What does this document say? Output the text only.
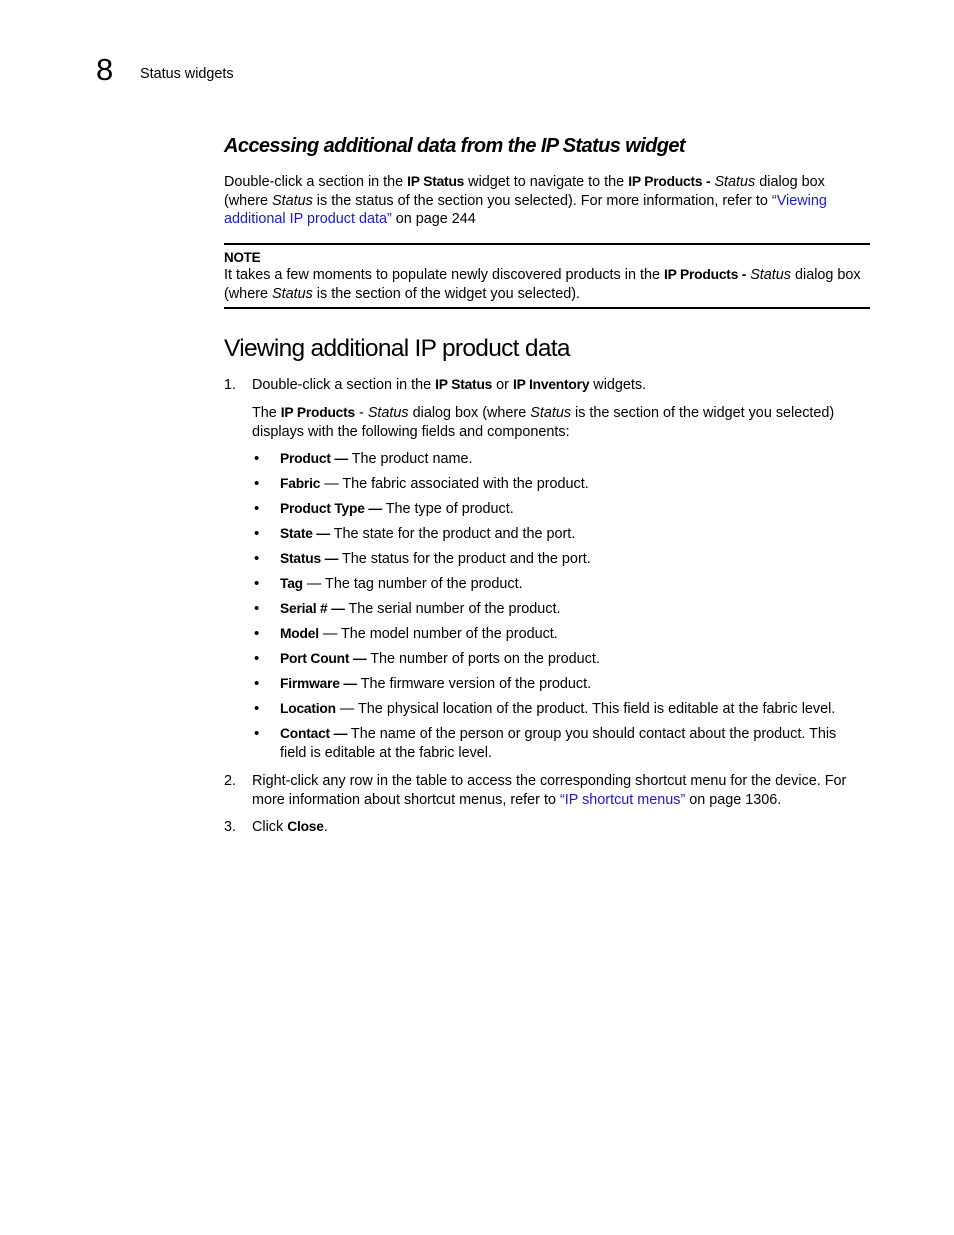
8 Status widgets
Accessing additional data from the IP Status widget
Double-click a section in the IP Status widget to navigate to the IP Products - Status dialog box (where Status is the status of the section you selected). For more information, refer to “Viewing additional IP product data” on page 244
NOTE
It takes a few moments to populate newly discovered products in the IP Products - Status dialog box (where Status is the section of the widget you selected).
Viewing additional IP product data
1.	Double-click a section in the IP Status or IP Inventory widgets.
The IP Products - Status dialog box (where Status is the section of the widget you selected) displays with the following fields and components:
• Product — The product name.
• Fabric — The fabric associated with the product.
• Product Type — The type of product.
• State — The state for the product and the port.
• Status — The status for the product and the port.
• Tag — The tag number of the product.
• Serial # — The serial number of the product.
• Model — The model number of the product.
• Port Count — The number of ports on the product.
• Firmware — The firmware version of the product.
• Location — The physical location of the product. This field is editable at the fabric level.
• Contact — The name of the person or group you should contact about the product. This field is editable at the fabric level.
2.	Right-click any row in the table to access the corresponding shortcut menu for the device. For more information about shortcut menus, refer to “IP shortcut menus” on page 1306.
3.	Click Close.
